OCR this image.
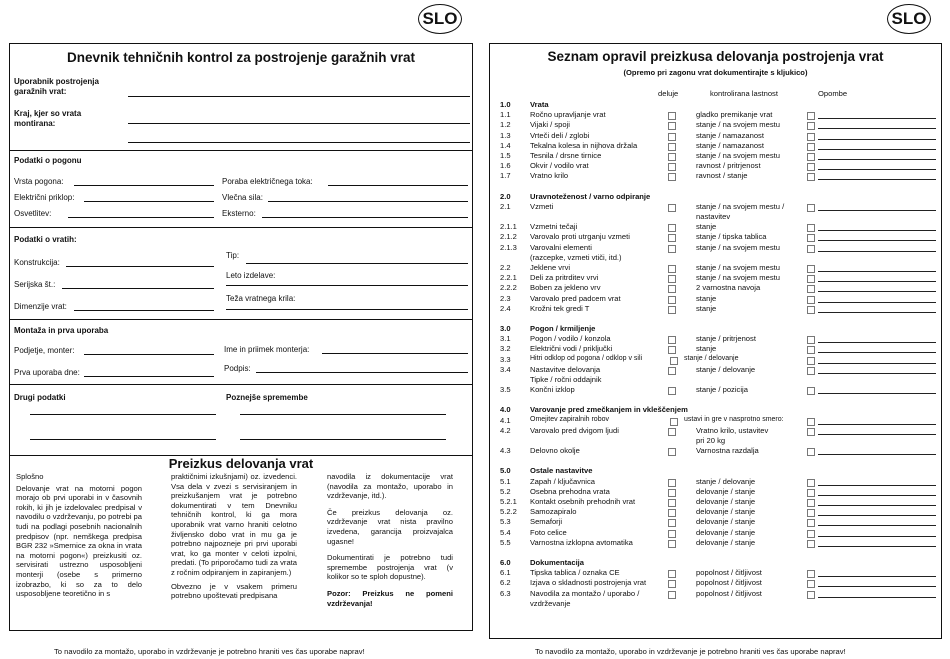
SLO	SLO
Dnevnik tehničnih kontrol za postrojenje garažnih vrat
Uporabnik postrojenja
garažnih vrat:
Kraj, kjer so vrata
montirana:
Podatki o pogonu
Vrsta pogona:	Poraba električnega toka:
Električni priklop:	Vlečna sila:
Osvetlitev:	Eksterno:
Podatki o vratih:
Tip:
Konstrukcija:
Leto izdelave:
Serijska št.:
Teža vratnega krila:
Dimenzije vrat:
Montaža in prva uporaba
Podjetje, monter:	Ime in priimek monterja:
Prva uporaba dne:	Podpis:
Drugi podatki	Poznejše spremembe
Preizkus delovanja vrat

Splošno

Delovanje vrat na motorni pogon morajo ob prvi uporabi in v časovnih rokih, ki jih je izdelovalec predpisal v navodilu o vzdrževanju, po potrebi pa tudi na podlagi posebnih nacionalnih predpisov (npr. nemškega predpisa BGR 232 »Smernice za okna in vrata na motorni pogon«) preizkusiti oz. servisirati ustrezno usposobljeni monterji (osebe s primerno izobrazbo, ki so za to delo usposobljene teoretično in s

praktičnimi izkušnjami) oz. izvedenci. Vsa dela v zvezi s servisiranjem in preizkušanjem vrat je potrebno dokumentirati v tem Dnevniku tehničnih kontrol, ki ga mora uporabnik vrat varno hraniti celotno življensko dobo vrat in mu ga je potrebno najpozneje pri prvi uporabi vrat, ko ga monter v celoti izpolni, predati. (To priporočamo tudi za vrata z ročnim odpiranjem in zapiranjem.)

Obvezno je v vsakem primeru potrebno upoštevati predpisana

navodila iz dokumentacije vrat (navodila za montažo, uporabo in vzdrževanje, itd.).

Če preizkus delovanja oz. vzdrževanje vrat nista pravilno izvedena, garancija proizvajalca ugasne!

Dokumentirati je potrebno tudi spremembe postrojenja vrat (v kolikor so te sploh dopustne).

Pozor: Preizkus ne pomeni vzdrževanja!

To navodilo za montažo, uporabo in vzdrževanje je potrebno hraniti ves čas uporabe naprav!
Seznam opravil preizkusa delovanja postrojenja vrat
(Opremo pri zagonu vrat dokumentirajte s kljukico)
deluje	kontrolirana lastnost	Opombe
1.0	Vrata
1.1	Ročno upravljanje vrat	gladko premikanje vrat
1.2	Vijaki / spoji	stanje / na svojem mestu
1.3	Vrteči deli / zglobi	stanje / namazanost
1.4	Tekalna kolesa in nijhova držala	stanje / namazanost
1.5	Tesnila / drsne tirnice	stanje / na svojem mestu
1.6	Okvir / vodilo vrat	ravnost / pritrjenost
1.7	Vratno krilo	ravnost / stanje
2.0	Uravnoteženost / varno odpiranje
2.1	Vzmeti	stanje / na svojem mestu /
nastavitev
2.1.1 Vzmetni tečaji	stanje
2.1.2 Varovalo proti utrganju vzmeti	stanje / tipska tablica
2.1.3 Varovalni elementi	stanje / na svojem mestu
(razcepke, vzmeti vtiči, itd.)
2.2	Jeklene vrvi	stanje / na svojem mestu
2.2.1 Deli za pritrditev vrvi	stanje / na svojem mestu
2.2.2 Boben za jekleno vrv	2 varnostna navoja
2.3	Varovalo pred padcem vrat	stanje
2.4	Krožni tek gredi T	stanje
3.0	Pogon / krmiljenje
3.1	Pogon / vodilo / konzola	stanje / pritrjenost
3.2	Električni vodi / priključki	stanje
3.3	Hitri odklop od pogona / odklop v sili	stanje / delovanje
3.4	Nastavitve delovanja	stanje / delovanje
Tipke / ročni oddajnik
3.5	Končni izklop	stanje / pozicija
4.0	Varovanje pred zmečkanjem in vkleščenjem
4.1	Omejitev zapiralnih robov	ustavi in gre v nasprotno smero:
4.2	Varovalo pred dvigom ljudi	Vratno krilo, ustavitev
pri 20 kg
4.3	Delovno okolje	Varnostna razdalja
5.0	Ostale nastavitve
5.1	Zapah / ključavnica	stanje / delovanje
5.2	Osebna prehodna vrata	delovanje / stanje
5.2.1 Kontakt osebnih prehodnih vrat	delovanje / stanje
5.2.2 Samozapiralo	delovanje / stanje
5.3	Semaforji	delovanje / stanje
5.4	Foto celice	delovanje / stanje
5.5	Varnostna izklopna avtomatika	delovanje / stanje
6.0	Dokumentacija
6.1	Tipska tablica / oznaka CE	popolnost / čitljivost
6.2	Izjava o skladnosti postrojenja vrat	popolnost / čitljivost
6.3	Navodila za montažo / uporabo /	popolnost / čitljivost
vzdrževanje
To navodilo za montažo, uporabo in vzdrževanje je potrebno hraniti ves čas uporabe naprav!
